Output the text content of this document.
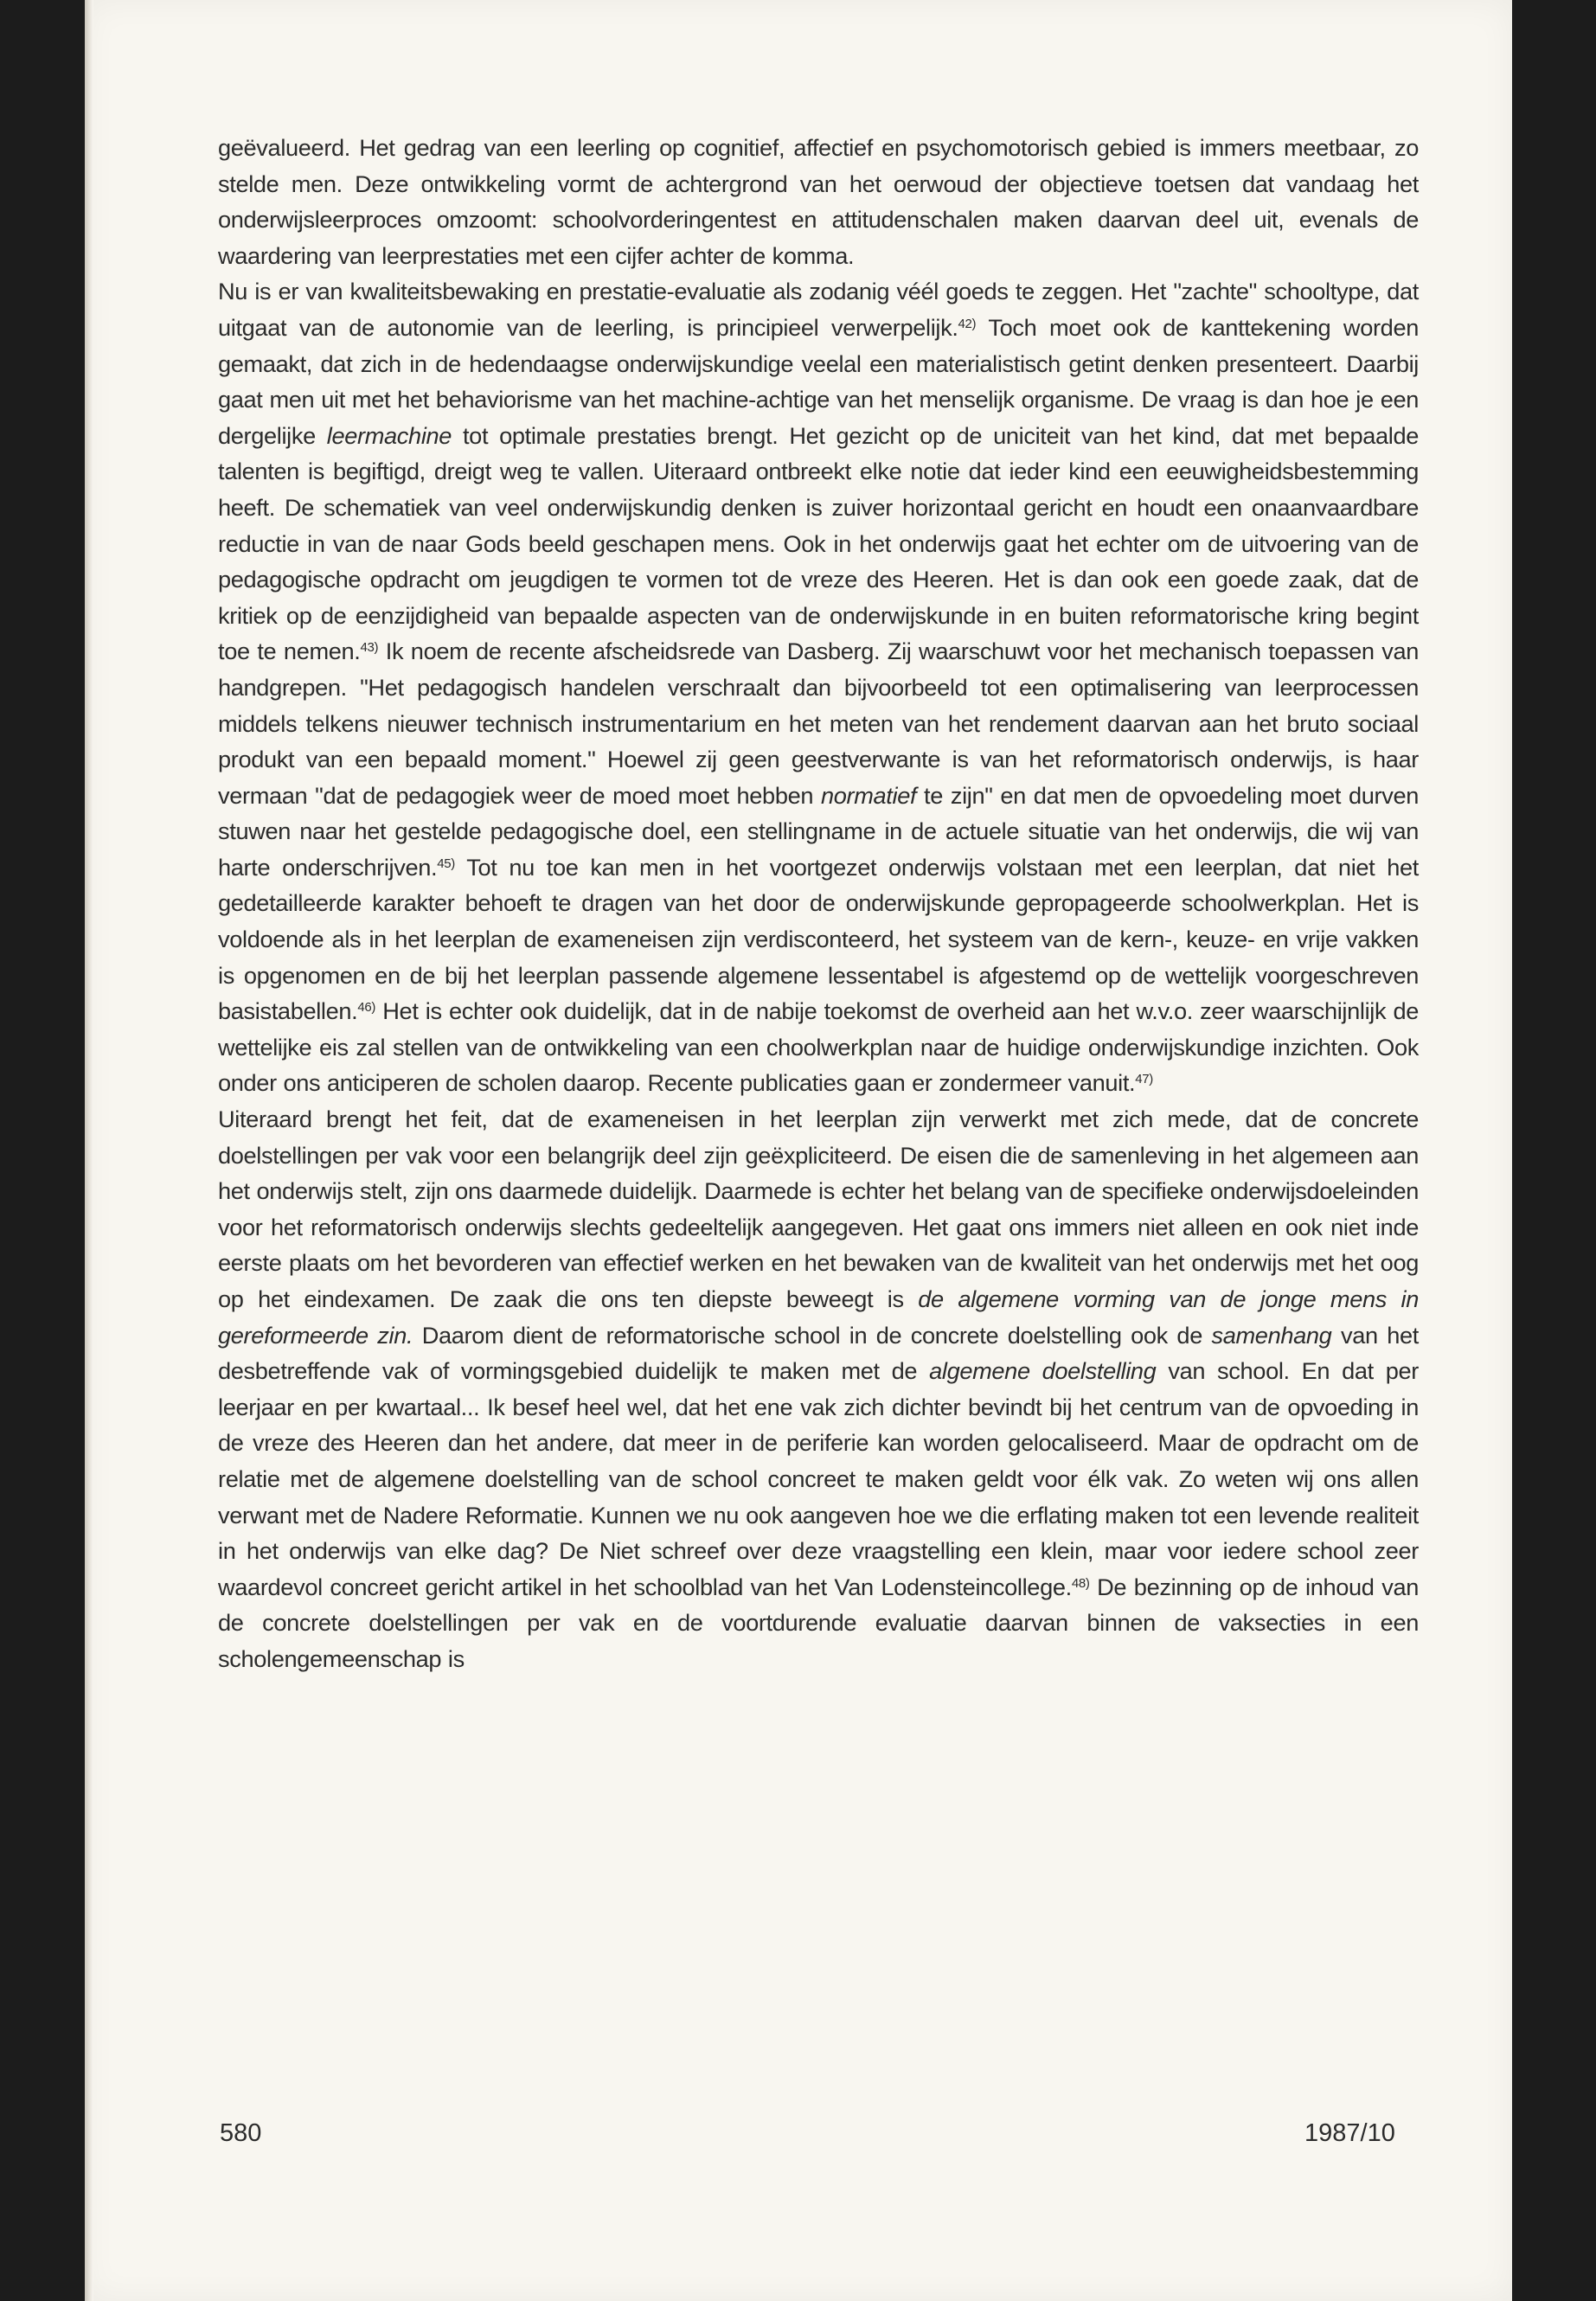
geëvalueerd. Het gedrag van een leerling op cognitief, affectief en psychomotorisch gebied is immers meetbaar, zo stelde men. Deze ontwikkeling vormt de achtergrond van het oerwoud der objectieve toetsen dat vandaag het onderwijsleerproces omzoomt: schoolvorderingentest en attitudenschalen maken daarvan deel uit, evenals de waardering van leerprestaties met een cijfer achter de komma.

Nu is er van kwaliteitsbewaking en prestatie-evaluatie als zodanig véél goeds te zeggen. Het "zachte" schooltype, dat uitgaat van de autonomie van de leerling, is principieel verwerpelijk.$^{42)}$ Toch moet ook de kanttekening worden gemaakt, dat zich in de hedendaagse onderwijskundige veelal een materialistisch getint denken presenteert. Daarbij gaat men uit met het behaviorisme van het machine-achtige van het menselijk organisme. De vraag is dan hoe je een dergelijke leermachine tot optimale prestaties brengt. Het gezicht op de uniciteit van het kind, dat met bepaalde talenten is begiftigd, dreigt weg te vallen. Uiteraard ontbreekt elke notie dat ieder kind een eeuwigheidsbestemming heeft. De schematiek van veel onderwijskundig denken is zuiver horizontaal gericht en houdt een onaanvaardbare reductie in van de naar Gods beeld geschapen mens. Ook in het onderwijs gaat het echter om de uitvoering van de pedagogische opdracht om jeugdigen te vormen tot de vreze des Heeren. Het is dan ook een goede zaak, dat de kritiek op de eenzijdigheid van bepaalde aspecten van de onderwijskunde in en buiten reformatorische kring begint toe te nemen.$^{43)}$ Ik noem de recente afscheidsrede van Dasberg. Zij waarschuwt voor het mechanisch toepassen van handgrepen. "Het pedagogisch handelen verschraalt dan bijvoorbeeld tot een optimalisering van leerprocessen middels telkens nieuwer technisch instrumentarium en het meten van het rendement daarvan aan het bruto sociaal produkt van een bepaald moment." Hoewel zij geen geestverwante is van het reformatorisch onderwijs, is haar vermaan "dat de pedagogiek weer de moed moet hebben normatief te zijn" en dat men de opvoedeling moet durven stuwen naar het gestelde pedagogische doel, een stellingname in de actuele situatie van het onderwijs, die wij van harte onderschrijven.$^{45)}$ Tot nu toe kan men in het voortgezet onderwijs volstaan met een leerplan, dat niet het gedetailleerde karakter behoeft te dragen van het door de onderwijskunde gepropageerde schoolwerkplan. Het is voldoende als in het leerplan de exameneisen zijn verdisconteerd, het systeem van de kern-, keuze- en vrije vakken is opgenomen en de bij het leerplan passende algemene lessentabel is afgestemd op de wettelijk voorgeschreven basistabellen.$^{46)}$ Het is echter ook duidelijk, dat in de nabije toekomst de overheid aan het w.v.o. zeer waarschijnlijk de wettelijke eis zal stellen van de ontwikkeling van een choolwerkplan naar de huidige onderwijskundige inzichten. Ook onder ons anticiperen de scholen daarop. Recente publicaties gaan er zondermeer vanuit.$^{47)}$

Uiteraard brengt het feit, dat de exameneisen in het leerplan zijn verwerkt met zich mede, dat de concrete doelstellingen per vak voor een belangrijk deel zijn geëxpliciteerd. De eisen die de samenleving in het algemeen aan het onderwijs stelt, zijn ons daarmede duidelijk. Daarmede is echter het belang van de specifieke onderwijsdoeleinden voor het reformatorisch onderwijs slechts gedeeltelijk aangegeven. Het gaat ons immers niet alleen en ook niet inde eerste plaats om het bevorderen van effectief werken en het bewaken van de kwaliteit van het onderwijs met het oog op het eindexamen. De zaak die ons ten diepste beweegt is de algemene vorming van de jonge mens in gereformeerde zin. Daarom dient de reformatorische school in de concrete doelstelling ook de samenhang van het desbetreffende vak of vormingsgebied duidelijk te maken met de algemene doelstelling van school. En dat per leerjaar en per kwartaal... Ik besef heel wel, dat het ene vak zich dichter bevindt bij het centrum van de opvoeding in de vreze des Heeren dan het andere, dat meer in de periferie kan worden gelocaliseerd. Maar de opdracht om de relatie met de algemene doelstelling van de school concreet te maken geldt voor élk vak. Zo weten wij ons allen verwant met de Nadere Reformatie. Kunnen we nu ook aangeven hoe we die erflating maken tot een levende realiteit in het onderwijs van elke dag? De Niet schreef over deze vraagstelling een klein, maar voor iedere school zeer waardevol concreet gericht artikel in het schoolblad van het Van Lodensteincollege.$^{48)}$ De bezinning op de inhoud van de concrete doelstellingen per vak en de voortdurende evaluatie daarvan binnen de vaksecties in een scholengemeenschap is

580	1987/10
